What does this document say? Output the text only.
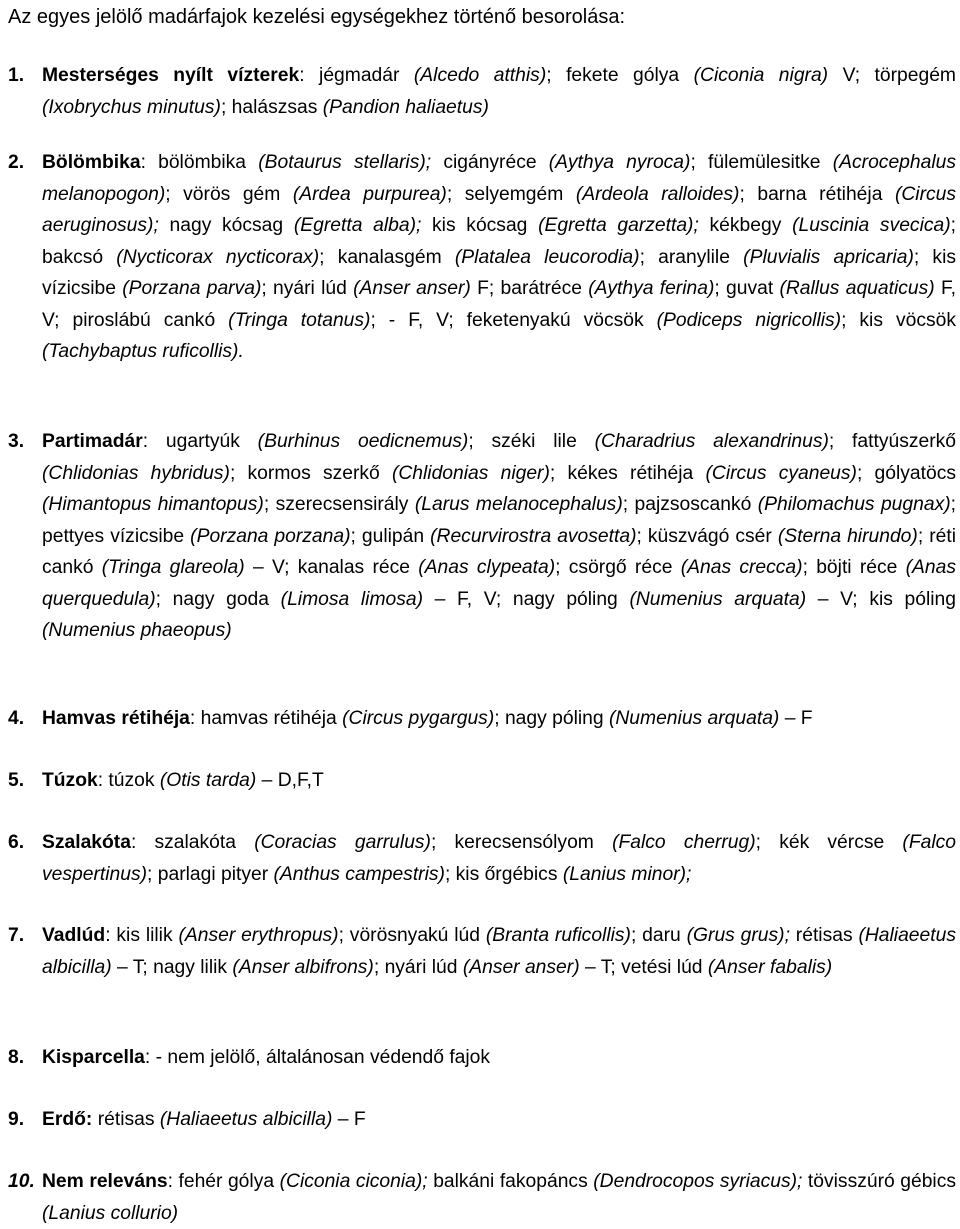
Az egyes jelölő madárfajok kezelési egységekhez történő besorolása:
1. Mesterséges nyílt vízterek: jégmadár (Alcedo atthis); fekete gólya (Ciconia nigra) V; törpegém (Ixobrychus minutus); halászsas (Pandion haliaetus)
2. Bölömbika: bölömbika (Botaurus stellaris); cigányréce (Aythya nyroca); fülemülesitke (Acrocephalus melanopogon); vörös gém (Ardea purpurea); selyemgém (Ardeola ralloides); barna rétihéja (Circus aeruginosus); nagy kócsag (Egretta alba); kis kócsag (Egretta garzetta); kékbegy (Luscinia svecica); bakcsó (Nycticorax nycticorax); kanalasgém (Platalea leucorodia); aranylile (Pluvialis apricaria); kis vízicsibe (Porzana parva); nyári lúd (Anser anser) F; barátréce (Aythya ferina); guvat (Rallus aquaticus) F, V; piroslábú cankó (Tringa totanus); - F, V; feketenyakú vöcsök (Podiceps nigricollis); kis vöcsök (Tachybaptus ruficollis).
3. Partimadár: ugartyúk (Burhinus oedicnemus); széki lile (Charadrius alexandrinus); fattyúszerkő (Chlidonias hybridus); kormos szerkő (Chlidonias niger); kékes rétihéja (Circus cyaneus); gólyatöcs (Himantopus himantopus); szerecsensirály (Larus melanocephalus); pajzsoscankó (Philomachus pugnax); pettyes vízicsibe (Porzana porzana); gulipán (Recurvirostra avosetta); küszvágó csér (Sterna hirundo); réti cankó (Tringa glareola) – V; kanalas réce (Anas clypeata); csörgő réce (Anas crecca); böjti réce (Anas querquedula); nagy goda (Limosa limosa) – F, V; nagy póling (Numenius arquata) – V; kis póling (Numenius phaeopus)
4. Hamvas rétihéja: hamvas rétihéja (Circus pygargus); nagy póling (Numenius arquata) – F
5. Túzok: túzok (Otis tarda) – D,F,T
6. Szalakóta: szalakóta (Coracias garrulus); kerecsensólyom (Falco cherrug); kék vércse (Falco vespertinus); parlagi pityer (Anthus campestris); kis őrgébics (Lanius minor);
7. Vadlúd: kis lilik (Anser erythropus); vörösnyakú lúd (Branta ruficollis); daru (Grus grus); rétisas (Haliaeetus albicilla) – T; nagy lilik (Anser albifrons); nyári lúd (Anser anser) – T; vetési lúd (Anser fabalis)
8. Kisparcella: - nem jelölő, általánosan védendő fajok
9. Erdő: rétisas (Haliaeetus albicilla) – F
10. Nem releváns: fehér gólya (Ciconia ciconia); balkáni fakopáncs (Dendrocopos syriacus); tövisszúró gébics (Lanius collurio)
